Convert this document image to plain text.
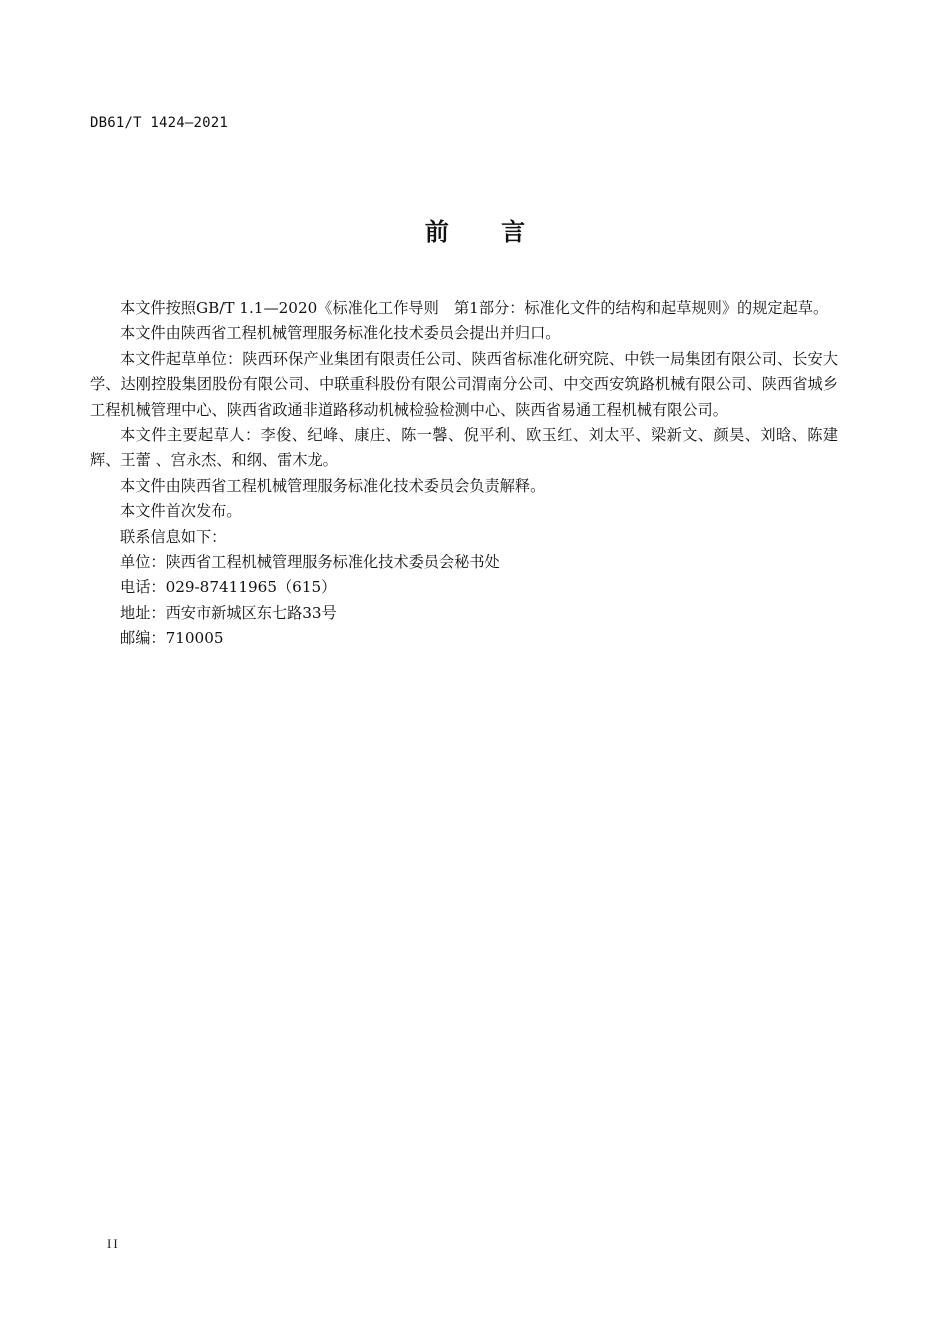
DB61/T 1424—2021
前 言

本文件按照GB/T 1.1—2020《标准化工作导则　第1部分：标准化文件的结构和起草规则》的规定起草。

本文件由陕西省工程机械管理服务标准化技术委员会提出并归口。

本文件起草单位：陕西环保产业集团有限责任公司、陕西省标准化研究院、中铁一局集团有限公司、长安大学、达刚控股集团股份有限公司、中联重科股份有限公司渭南分公司、中交西安筑路机械有限公司、陕西省城乡工程机械管理中心、陕西省政通非道路移动机械检验检测中心、陕西省易通工程机械有限公司。

本文件主要起草人：李俊、纪峰、康庄、陈一馨、倪平利、欧玉红、刘太平、梁新文、颜昊、刘晗、陈建辉、王蕾 、宫永杰、和纲、雷木龙。

本文件由陕西省工程机械管理服务标准化技术委员会负责解释。

本文件首次发布。

联系信息如下：

单位：陕西省工程机械管理服务标准化技术委员会秘书处

电话：029-87411965（615）

地址：西安市新城区东七路33号

邮编：710005

II
